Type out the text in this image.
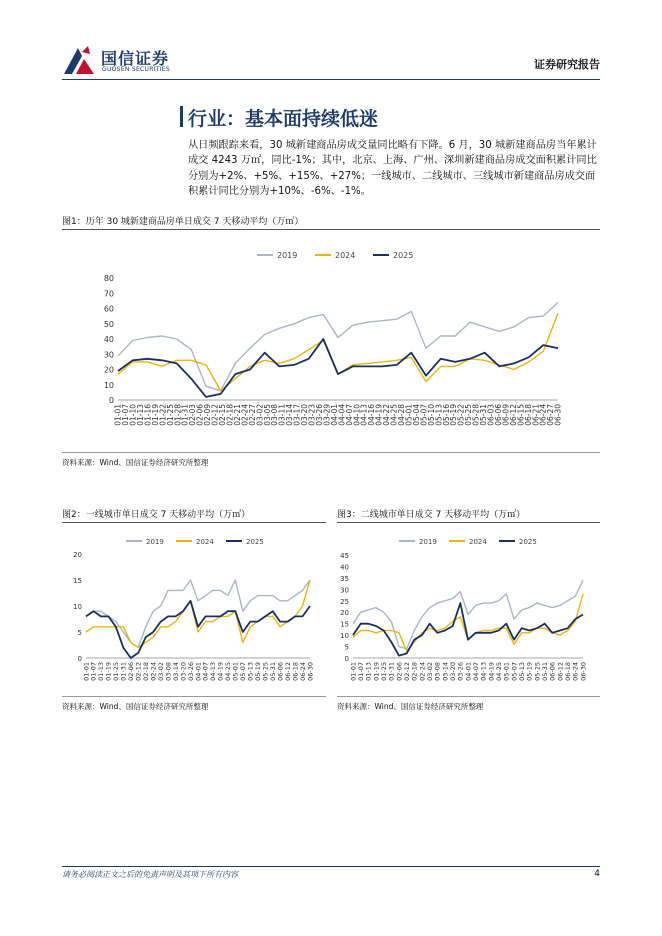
国信证券
GUOSEN SECURITIES	证券研究报告
行业：基本面持续低迷

从日频跟踪来看，30 城新建商品房成交量同比略有下降。6 月，30 城新建商品房当年累计成交 4243 万㎡，同比-1%；其中，北京、上海、广州、深圳新建商品房成交面积累计同比分别为+2%、+5%、+15%、+27%；一线城市、二线城市、三线城市新建商品房成交面积累计同比分别为+10%、-6%、-1%。

图1：历年 30 城新建商品房单日成交 7 天移动平均（万㎡）
2019	2024	2025
0
10
20
30
40
50
60
70
80
01-01
01-07
01-10
01-13
01-16
01-19
01-22
01-25
01-28
01-31
02-03
02-06
02-09
02-12
02-15
02-18
02-21
02-24
02-27
03-02
03-05
03-08
03-11
03-14
03-17
03-20
03-23
03-26
03-29
04-01
04-04
04-07
04-10
04-13
04-16
04-19
04-22
04-25
04-28
05-01
05-04
05-07
05-10
05-13
05-16
05-19
05-22
05-25
05-28
05-31
06-03
06-06
06-09
06-12
06-15
06-18
06-21
06-24
06-27
06-30
资料来源：Wind、国信证券经济研究所整理
图2：一线城市单日成交 7 天移动平均（万㎡）
2019	2024	2025
0
5
10
15
20
01-01 01-07 01-13 01-19 01-25 01-31 02-06 02-12 02-18 02-24 03-02 03-08 03-14 03-20 03-26 04-01 04-07 04-13 04-19 04-25 05-01 05-07 05-13 05-19 05-25 05-31 06-06 06-12 06-18 06-24 06-30
资料来源：Wind、国信证券经济研究所整理
图3：二线城市单日成交 7 天移动平均（万㎡）
2019	2024	2025
0
5
10
15
20
25
30
35
40
45
01-01 01-07 01-13 01-19 01-25 01-31 02-06 02-12 02-18 02-24 03-02 03-08 03-14 03-20 03-26 04-01 04-07 04-13 04-19 04-25 05-01 05-07 05-13 05-19 05-25 05-31 06-06 06-12 06-18 06-24 06-30
资料来源：Wind、国信证券经济研究所整理
请务必阅读正文之后的免责声明及其项下所有内容	4
